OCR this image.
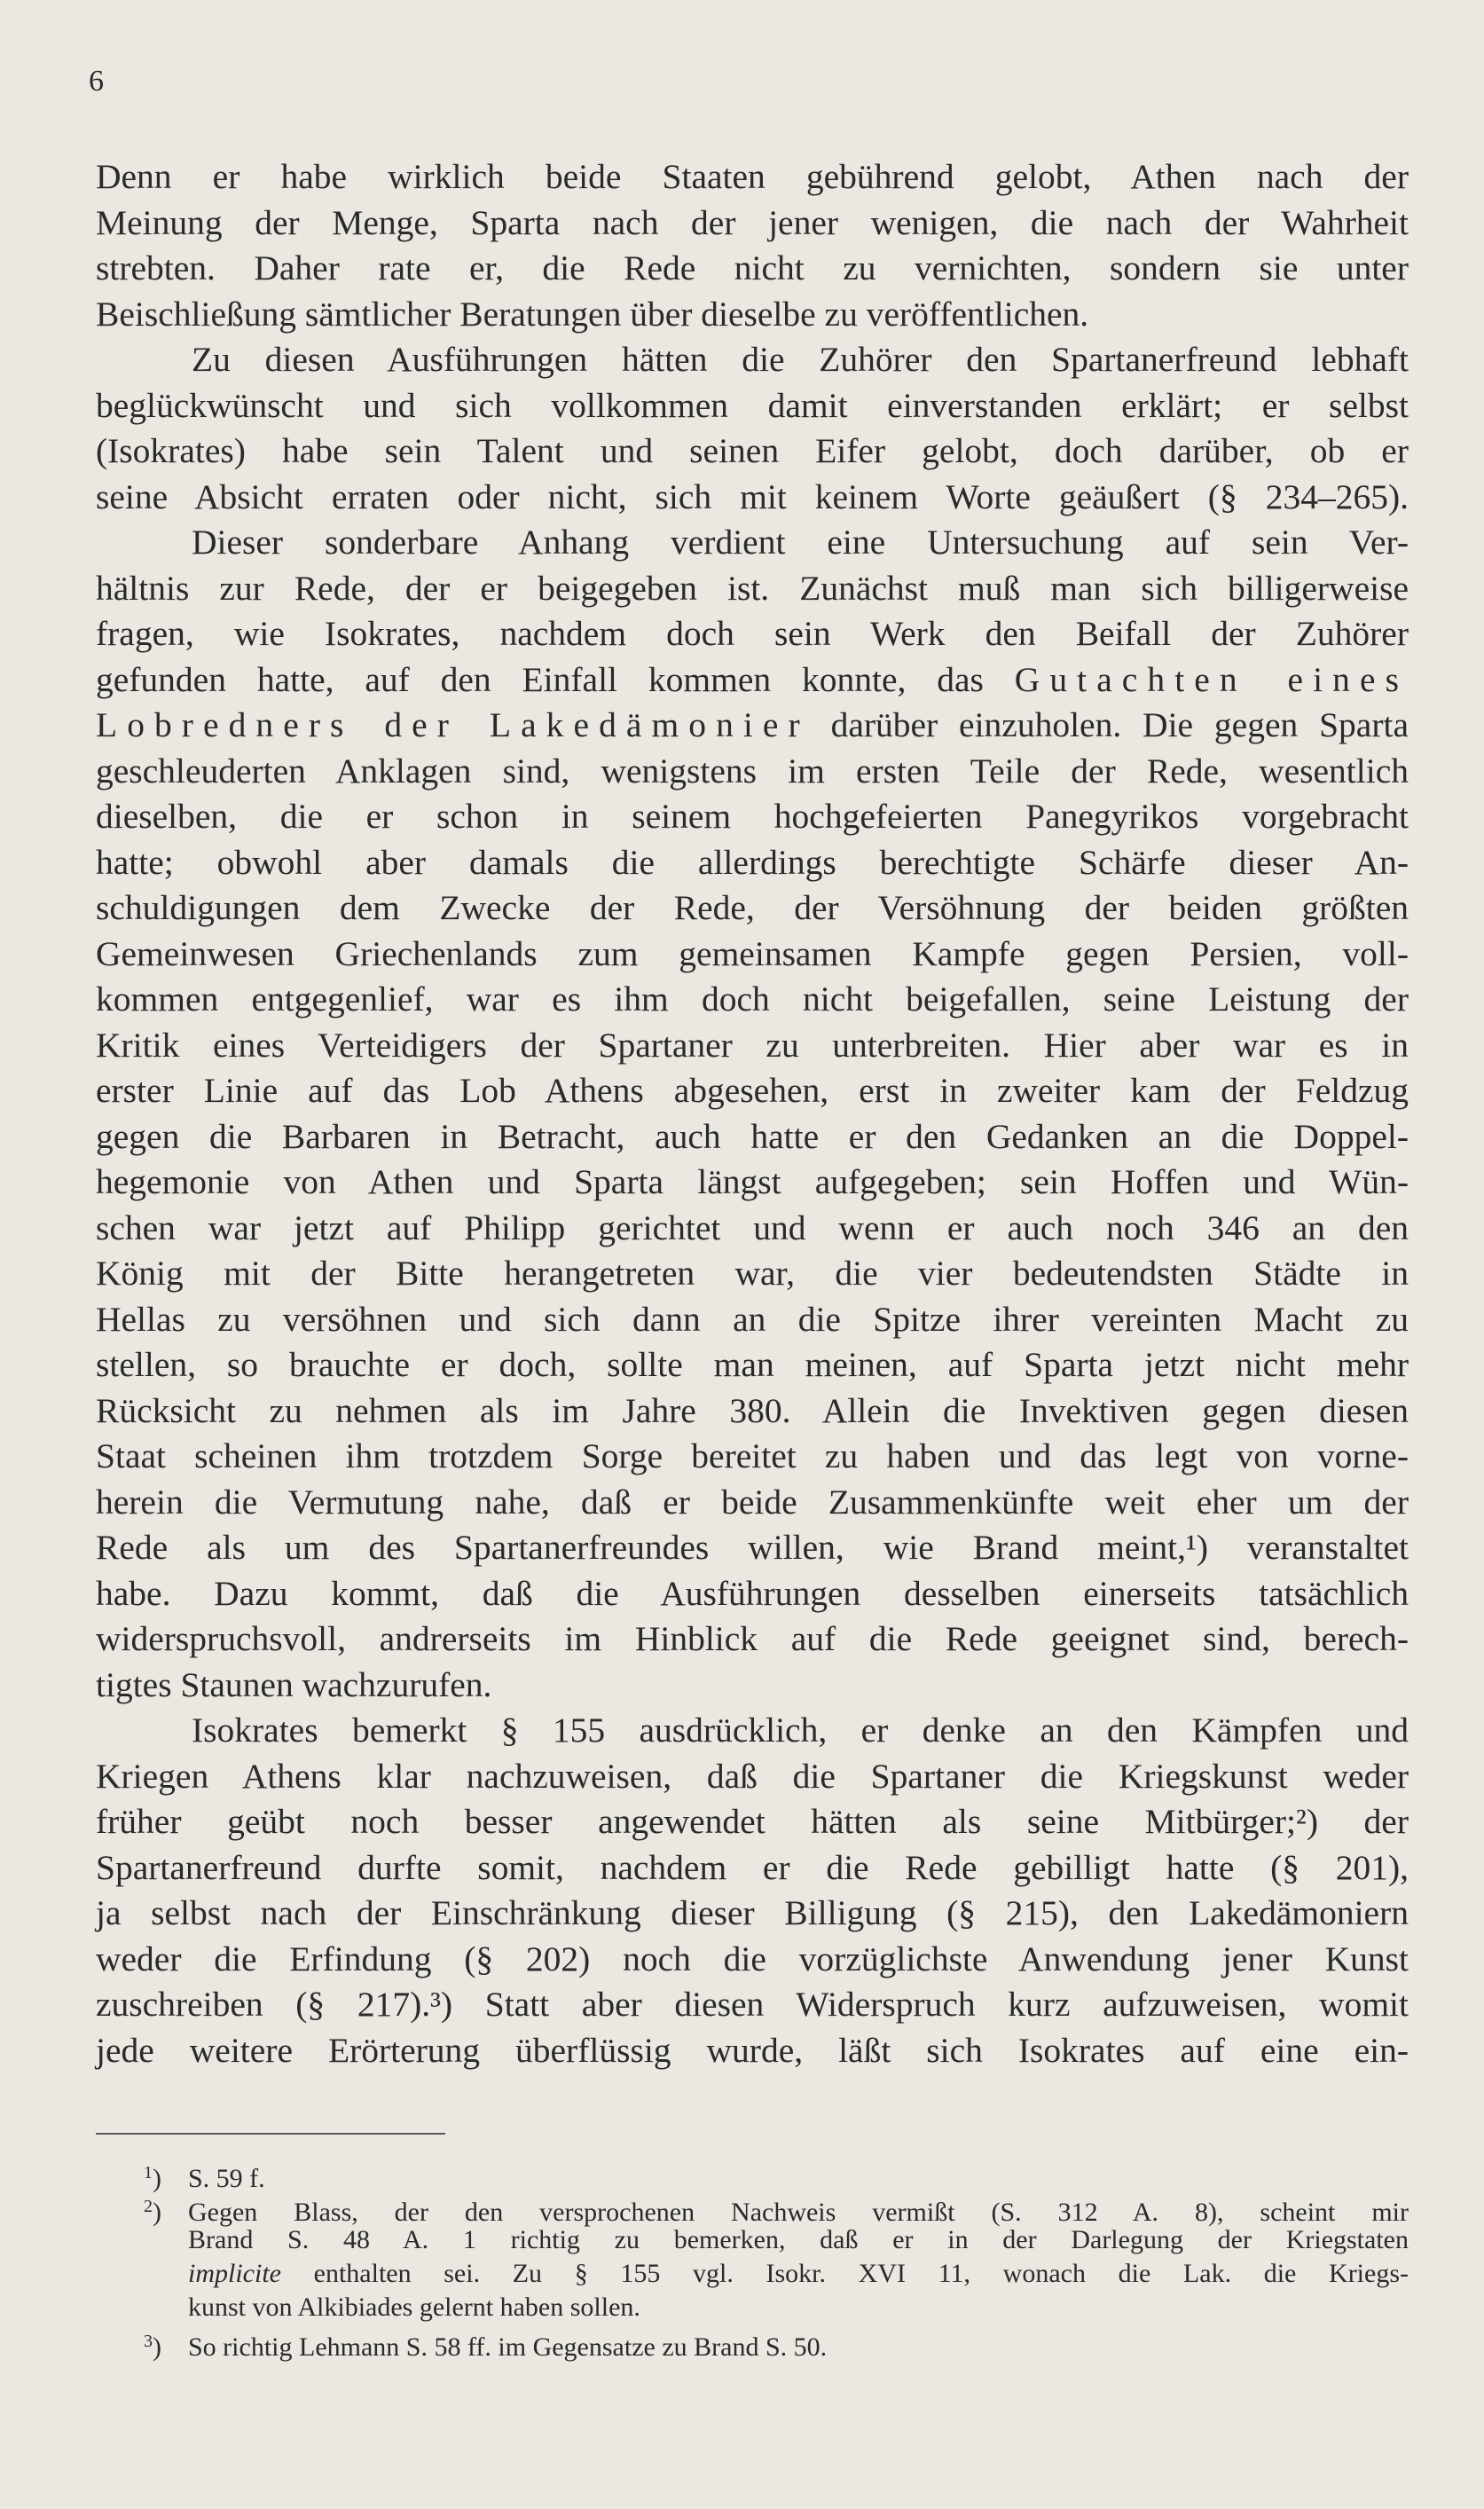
6
Denn er habe wirklich beide Staaten gebührend gelobt, Athen nach der
Meinung der Menge, Sparta nach der jener wenigen, die nach der Wahrheit
strebten. Daher rate er, die Rede nicht zu vernichten, sondern sie unter
Beischließung sämtlicher Beratungen über dieselbe zu veröffentlichen.
Zu diesen Ausführungen hätten die Zuhörer den Spartanerfreund lebhaft
beglückwünscht und sich vollkommen damit einverstanden erklärt; er selbst
(Isokrates) habe sein Talent und seinen Eifer gelobt, doch darüber, ob er
seine Absicht erraten oder nicht, sich mit keinem Worte geäußert (§ 234–265).
Dieser sonderbare Anhang verdient eine Untersuchung auf sein Ver-
hältnis zur Rede, der er beigegeben ist. Zunächst muß man sich billigerweise
fragen, wie Isokrates, nachdem doch sein Werk den Beifall der Zuhörer
gefunden hatte, auf den Einfall kommen konnte, das Gutachten eines
Lobredners der Lakedämonier darüber einzuholen. Die gegen Sparta
geschleuderten Anklagen sind, wenigstens im ersten Teile der Rede, wesentlich
dieselben, die er schon in seinem hochgefeierten Panegyrikos vorgebracht
hatte; obwohl aber damals die allerdings berechtigte Schärfe dieser An-
schuldigungen dem Zwecke der Rede, der Versöhnung der beiden größten
Gemeinwesen Griechenlands zum gemeinsamen Kampfe gegen Persien, voll-
kommen entgegenlief, war es ihm doch nicht beigefallen, seine Leistung der
Kritik eines Verteidigers der Spartaner zu unterbreiten. Hier aber war es in
erster Linie auf das Lob Athens abgesehen, erst in zweiter kam der Feldzug
gegen die Barbaren in Betracht, auch hatte er den Gedanken an die Doppel-
hegemonie von Athen und Sparta längst aufgegeben; sein Hoffen und Wün-
schen war jetzt auf Philipp gerichtet und wenn er auch noch 346 an den
König mit der Bitte herangetreten war, die vier bedeutendsten Städte in
Hellas zu versöhnen und sich dann an die Spitze ihrer vereinten Macht zu
stellen, so brauchte er doch, sollte man meinen, auf Sparta jetzt nicht mehr
Rücksicht zu nehmen als im Jahre 380. Allein die Invektiven gegen diesen
Staat scheinen ihm trotzdem Sorge bereitet zu haben und das legt von vorne-
herein die Vermutung nahe, daß er beide Zusammenkünfte weit eher um der
Rede als um des Spartanerfreundes willen, wie Brand meint,¹) veranstaltet
habe. Dazu kommt, daß die Ausführungen desselben einerseits tatsächlich
widerspruchsvoll, andrerseits im Hinblick auf die Rede geeignet sind, berech-
tigtes Staunen wachzurufen.
Isokrates bemerkt § 155 ausdrücklich, er denke an den Kämpfen und
Kriegen Athens klar nachzuweisen, daß die Spartaner die Kriegskunst weder
früher geübt noch besser angewendet hätten als seine Mitbürger;²) der
Spartanerfreund durfte somit, nachdem er die Rede gebilligt hatte (§ 201),
ja selbst nach der Einschränkung dieser Billigung (§ 215), den Lakedämoniern
weder die Erfindung (§ 202) noch die vorzüglichste Anwendung jener Kunst
zuschreiben (§ 217).³) Statt aber diesen Widerspruch kurz aufzuweisen, womit
jede weitere Erörterung überflüssig wurde, läßt sich Isokrates auf eine ein-
$^1$) S. 59 f.
$^2$) Gegen Blass, der den versprochenen Nachweis vermißt (S. 312 A. 8), scheint mir
Brand S. 48 A. 1 richtig zu bemerken, daß er in der Darlegung der Kriegstaten
implicite enthalten sei. Zu § 155 vgl. Isokr. XVI 11, wonach die Lak. die Kriegs-
kunst von Alkibiades gelernt haben sollen.
$^3$) So richtig Lehmann S. 58 ff. im Gegensatze zu Brand S. 50.
